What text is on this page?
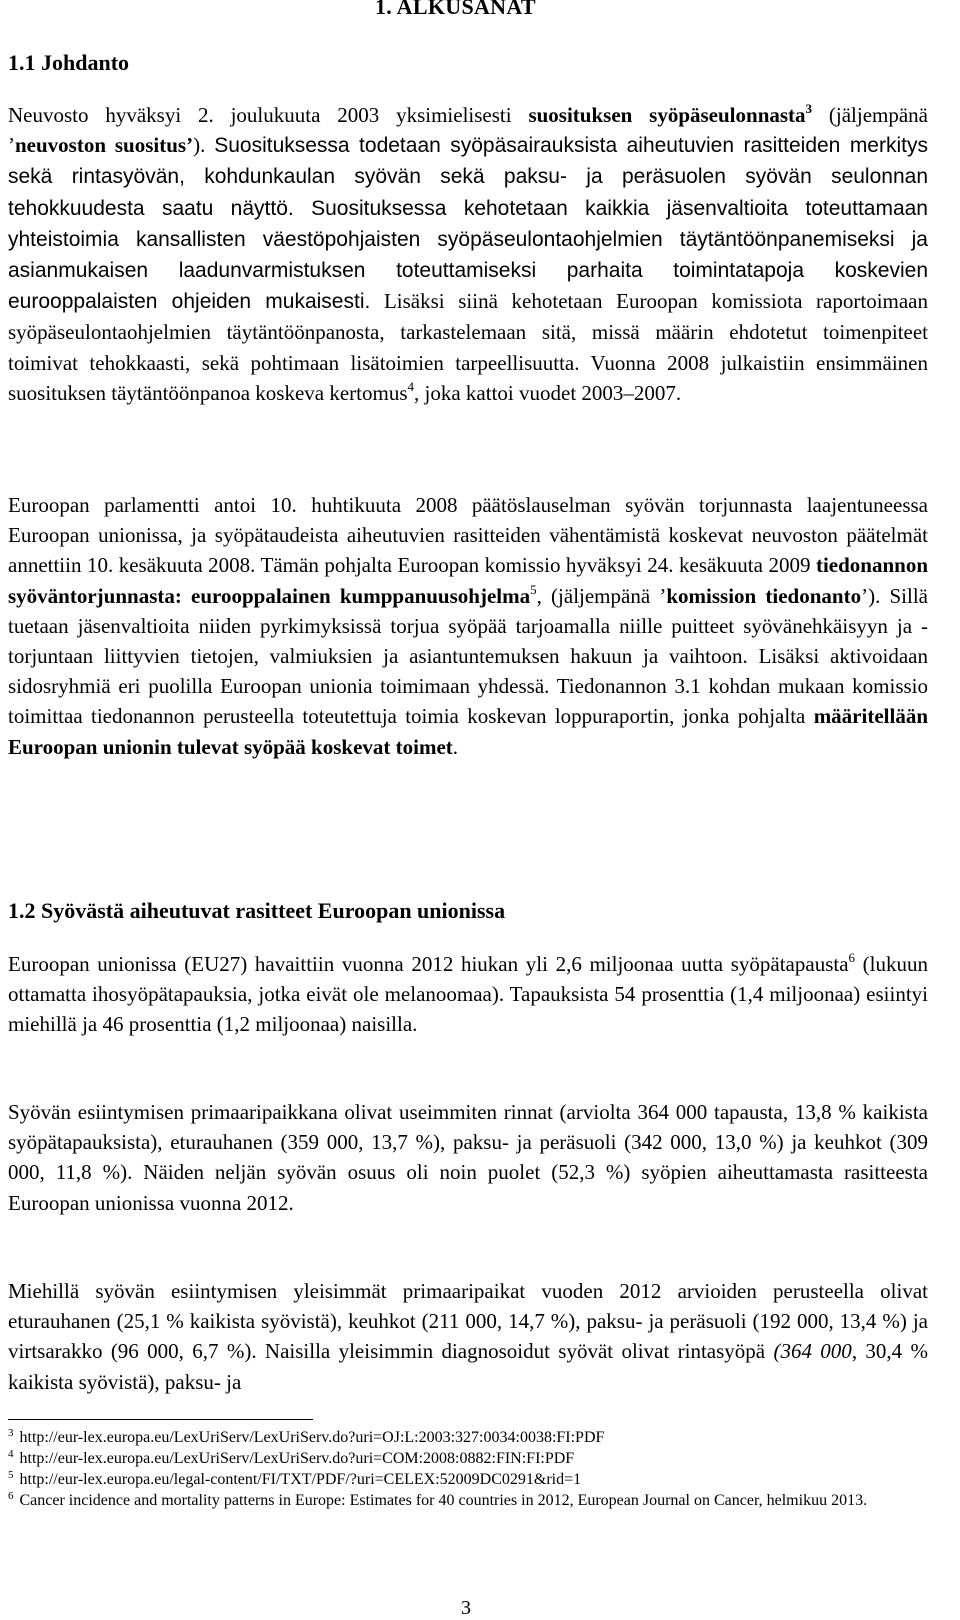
1. ALKUSANAT
1.1 Johdanto

Neuvosto hyväksyi 2. joulukuuta 2003 yksimielisesti suosituksen syöpäseulonnasta$^3$ (jäljempänä ’neuvoston suositus’). Suosituksessa todetaan syöpäsairauksista aiheutuvien rasitteiden merkitys sekä rintasyövän, kohdunkaulan syövän sekä paksu- ja peräsuolen syövän seulonnan tehokkuudesta saatu näyttö. Suosituksessa kehotetaan kaikkia jäsenvaltioita toteuttamaan yhteistoimia kansallisten väestöpohjaisten syöpäseulontaohjelmien täytäntöönpanemiseksi ja asianmukaisen laadunvarmistuksen toteuttamiseksi parhaita toimintatapoja koskevien eurooppalaisten ohjeiden mukaisesti. Lisäksi siinä kehotetaan Euroopan komissiota raportoimaan syöpäseulontaohjelmien täytäntöönpanosta, tarkastelemaan sitä, missä määrin ehdotetut toimenpiteet toimivat tehokkaasti, sekä pohtimaan lisätoimien tarpeellisuutta. Vuonna 2008 julkaistiin ensimmäinen suosituksen täytäntöönpanoa koskeva kertomus$^4$, joka kattoi vuodet 2003–2007.

Euroopan parlamentti antoi 10. huhtikuuta 2008 päätöslauselman syövän torjunnasta laajentuneessa Euroopan unionissa, ja syöpätaudeista aiheutuvien rasitteiden vähentämistä koskevat neuvoston päätelmät annettiin 10. kesäkuuta 2008. Tämän pohjalta Euroopan komissio hyväksyi 24. kesäkuuta 2009 tiedonannon syöväntorjunnasta: eurooppalainen kumppanuusohjelma$^5$, (jäljempänä ’komission tiedonanto’). Sillä tuetaan jäsenvaltioita niiden pyrkimyksissä torjua syöpää tarjoamalla niille puitteet syövänehkäisyyn ja -torjuntaan liittyvien tietojen, valmiuksien ja asiantuntemuksen hakuun ja vaihtoon. Lisäksi aktivoidaan sidosryhmiä eri puolilla Euroopan unionia toimimaan yhdessä. Tiedonannon 3.1 kohdan mukaan komissio toimittaa tiedonannon perusteella toteutettuja toimia koskevan loppuraportin, jonka pohjalta määritellään Euroopan unionin tulevat syöpää koskevat toimet.

1.2 Syövästä aiheutuvat rasitteet Euroopan unionissa

Euroopan unionissa (EU27) havaittiin vuonna 2012 hiukan yli 2,6 miljoonaa uutta syöpätapausta$^6$ (lukuun ottamatta ihosyöpätapauksia, jotka eivät ole melanoomaa). Tapauksista 54 prosenttia (1,4 miljoonaa) esiintyi miehillä ja 46 prosenttia (1,2 miljoonaa) naisilla.

Syövän esiintymisen primaaripaikkana olivat useimmiten rinnat (arviolta 364 000 tapausta, 13,8 % kaikista syöpätapauksista), eturauhanen (359 000, 13,7 %), paksu- ja peräsuoli (342 000, 13,0 %) ja keuhkot (309 000, 11,8 %). Näiden neljän syövän osuus oli noin puolet (52,3 %) syöpien aiheuttamasta rasitteesta Euroopan unionissa vuonna 2012.

Miehillä syövän esiintymisen yleisimmät primaaripaikat vuoden 2012 arvioiden perusteella olivat eturauhanen (25,1 % kaikista syövistä), keuhkot (211 000, 14,7 %), paksu- ja peräsuoli (192 000, 13,4 %) ja virtsarakko (96 000, 6,7 %). Naisilla yleisimmin diagnosoidut syövät olivat rintasyöpä (364 000, 30,4 % kaikista syövistä), paksu- ja

$^3$ http://eur-lex.europa.eu/LexUriServ/LexUriServ.do?uri=OJ:L:2003:327:0034:0038:FI:PDF

$^4$ http://eur-lex.europa.eu/LexUriServ/LexUriServ.do?uri=COM:2008:0882:FIN:FI:PDF

$^5$ http://eur-lex.europa.eu/legal-content/FI/TXT/PDF/?uri=CELEX:52009DC0291&rid=1

$^6$ Cancer incidence and mortality patterns in Europe: Estimates for 40 countries in 2012, European Journal on Cancer, helmikuu 2013.

3
